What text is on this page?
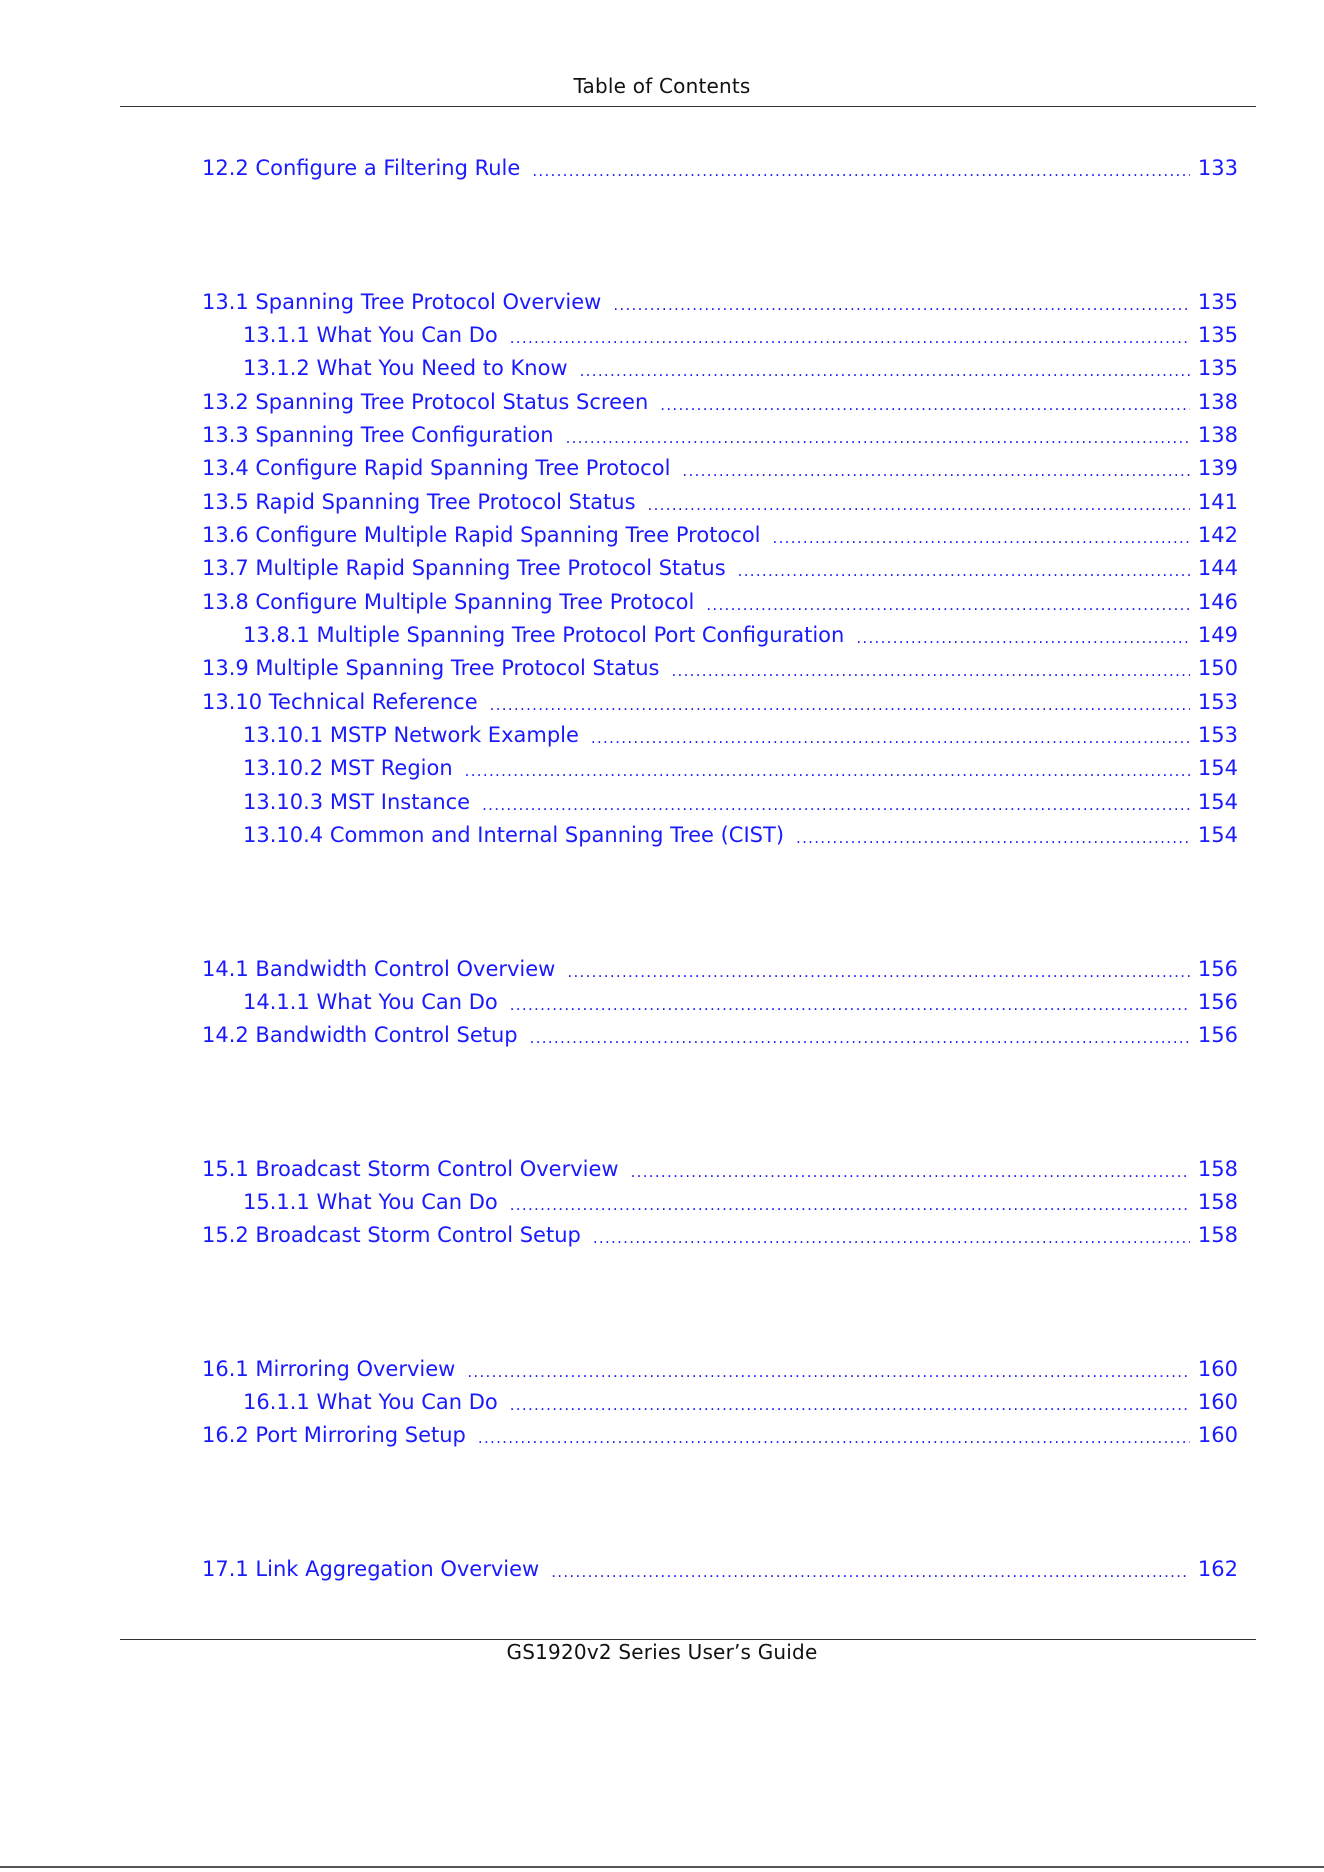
Table of Contents
12.2 Configure a Filtering Rule .....	133
13.1 Spanning Tree Protocol Overview .....	135
13.1.1 What You Can Do .....	135
13.1.2 What You Need to Know .....	135
13.2 Spanning Tree Protocol Status Screen .....	138
13.3 Spanning Tree Configuration .....	138
13.4 Configure Rapid Spanning Tree Protocol .....	139
13.5 Rapid Spanning Tree Protocol Status .....	141
13.6 Configure Multiple Rapid Spanning Tree Protocol .....	142
13.7 Multiple Rapid Spanning Tree Protocol Status .....	144
13.8 Configure Multiple Spanning Tree Protocol .....	146
13.8.1 Multiple Spanning Tree Protocol Port Configuration .....	149
13.9 Multiple Spanning Tree Protocol Status .....	150
13.10 Technical Reference .....	153
13.10.1 MSTP Network Example .....	153
13.10.2 MST Region .....	154
13.10.3 MST Instance .....	154
13.10.4 Common and Internal Spanning Tree (CIST) .....	154
14.1 Bandwidth Control Overview .....	156
14.1.1 What You Can Do .....	156
14.2 Bandwidth Control Setup .....	156
15.1 Broadcast Storm Control Overview .....	158
15.1.1 What You Can Do .....	158
15.2 Broadcast Storm Control Setup .....	158
16.1 Mirroring Overview .....	160
16.1.1 What You Can Do .....	160
16.2 Port Mirroring Setup .....	160
17.1 Link Aggregation Overview .....	162
GS1920v2 Series User’s Guide
